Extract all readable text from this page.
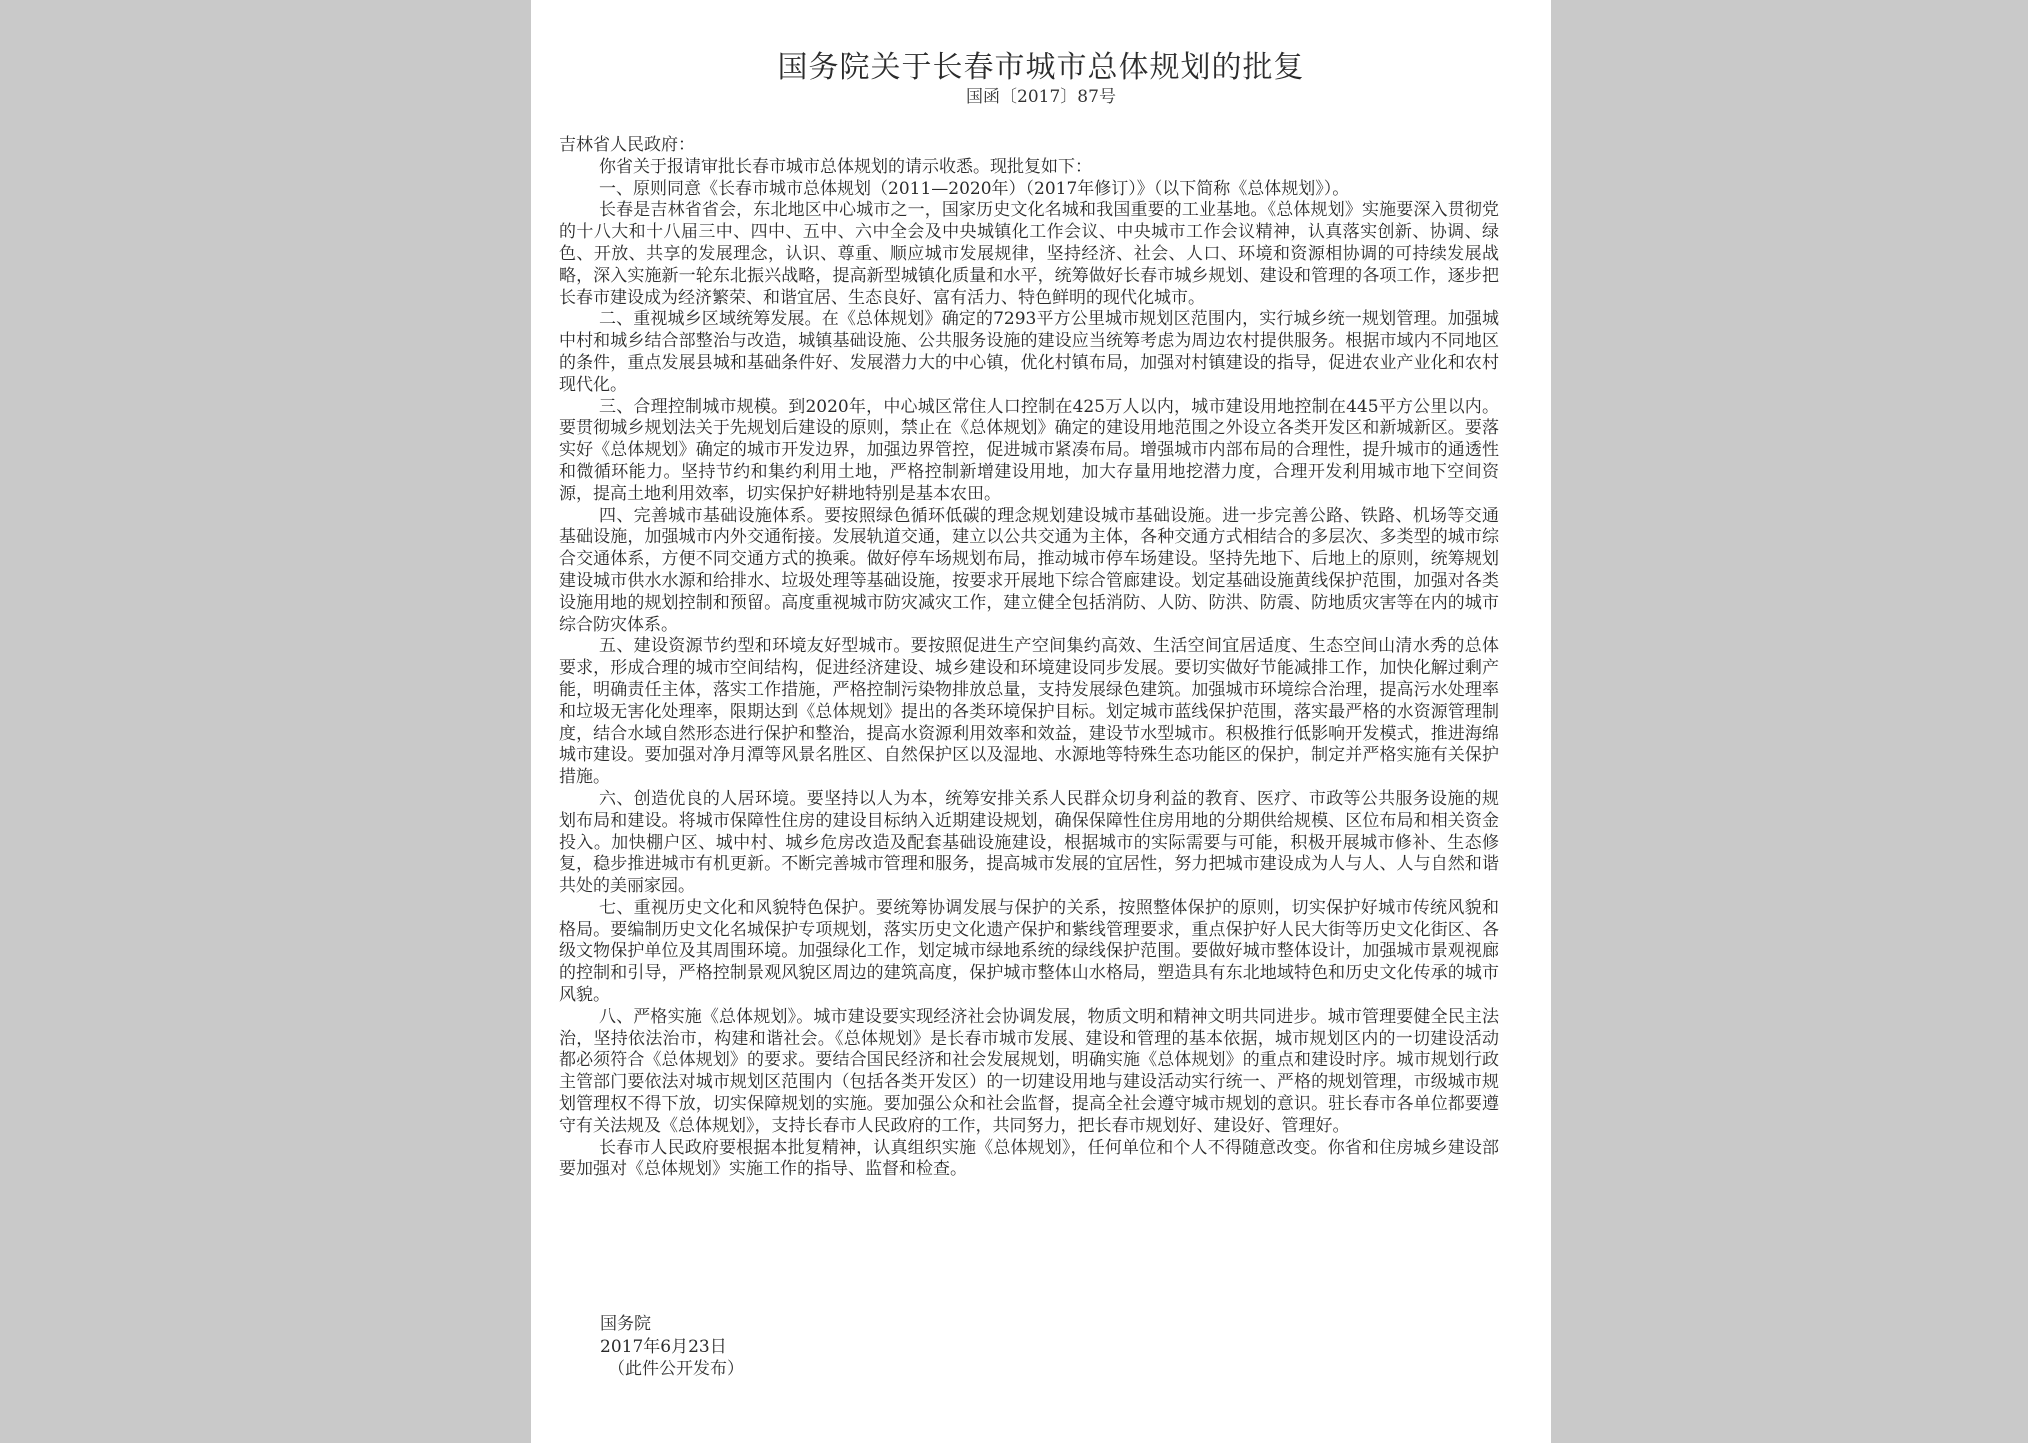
国务院关于长春市城市总体规划的批复
国函〔2017〕87号

吉林省人民政府：

你省关于报请审批长春市城市总体规划的请示收悉。现批复如下：

一、原则同意《长春市城市总体规划（2011—2020年）（2017年修订）》（以下简称《总体规划》）。

长春是吉林省省会，东北地区中心城市之一，国家历史文化名城和我国重要的工业基地。《总体规划》实施要深入贯彻党的十八大和十八届三中、四中、五中、六中全会及中央城镇化工作会议、中央城市工作会议精神，认真落实创新、协调、绿色、开放、共享的发展理念，认识、尊重、顺应城市发展规律，坚持经济、社会、人口、环境和资源相协调的可持续发展战略，深入实施新一轮东北振兴战略，提高新型城镇化质量和水平，统筹做好长春市城乡规划、建设和管理的各项工作，逐步把长春市建设成为经济繁荣、和谐宜居、生态良好、富有活力、特色鲜明的现代化城市。

二、重视城乡区域统筹发展。在《总体规划》确定的7293平方公里城市规划区范围内，实行城乡统一规划管理。加强城中村和城乡结合部整治与改造，城镇基础设施、公共服务设施的建设应当统筹考虑为周边农村提供服务。根据市域内不同地区的条件，重点发展县城和基础条件好、发展潜力大的中心镇，优化村镇布局，加强对村镇建设的指导，促进农业产业化和农村现代化。

三、合理控制城市规模。到2020年，中心城区常住人口控制在425万人以内，城市建设用地控制在445平方公里以内。要贯彻城乡规划法关于先规划后建设的原则，禁止在《总体规划》确定的建设用地范围之外设立各类开发区和新城新区。要落实好《总体规划》确定的城市开发边界，加强边界管控，促进城市紧凑布局。增强城市内部布局的合理性，提升城市的通透性和微循环能力。坚持节约和集约利用土地，严格控制新增建设用地，加大存量用地挖潜力度，合理开发利用城市地下空间资源，提高土地利用效率，切实保护好耕地特别是基本农田。

四、完善城市基础设施体系。要按照绿色循环低碳的理念规划建设城市基础设施。进一步完善公路、铁路、机场等交通基础设施，加强城市内外交通衔接。发展轨道交通，建立以公共交通为主体，各种交通方式相结合的多层次、多类型的城市综合交通体系，方便不同交通方式的换乘。做好停车场规划布局，推动城市停车场建设。坚持先地下、后地上的原则，统筹规划建设城市供水水源和给排水、垃圾处理等基础设施，按要求开展地下综合管廊建设。划定基础设施黄线保护范围，加强对各类设施用地的规划控制和预留。高度重视城市防灾减灾工作，建立健全包括消防、人防、防洪、防震、防地质灾害等在内的城市综合防灾体系。

五、建设资源节约型和环境友好型城市。要按照促进生产空间集约高效、生活空间宜居适度、生态空间山清水秀的总体要求，形成合理的城市空间结构，促进经济建设、城乡建设和环境建设同步发展。要切实做好节能减排工作，加快化解过剩产能，明确责任主体，落实工作措施，严格控制污染物排放总量，支持发展绿色建筑。加强城市环境综合治理，提高污水处理率和垃圾无害化处理率，限期达到《总体规划》提出的各类环境保护目标。划定城市蓝线保护范围，落实最严格的水资源管理制度，结合水域自然形态进行保护和整治，提高水资源利用效率和效益，建设节水型城市。积极推行低影响开发模式，推进海绵城市建设。要加强对净月潭等风景名胜区、自然保护区以及湿地、水源地等特殊生态功能区的保护，制定并严格实施有关保护措施。

六、创造优良的人居环境。要坚持以人为本，统筹安排关系人民群众切身利益的教育、医疗、市政等公共服务设施的规划布局和建设。将城市保障性住房的建设目标纳入近期建设规划，确保保障性住房用地的分期供给规模、区位布局和相关资金投入。加快棚户区、城中村、城乡危房改造及配套基础设施建设，根据城市的实际需要与可能，积极开展城市修补、生态修复，稳步推进城市有机更新。不断完善城市管理和服务，提高城市发展的宜居性，努力把城市建设成为人与人、人与自然和谐共处的美丽家园。

七、重视历史文化和风貌特色保护。要统筹协调发展与保护的关系，按照整体保护的原则，切实保护好城市传统风貌和格局。要编制历史文化名城保护专项规划，落实历史文化遗产保护和紫线管理要求，重点保护好人民大街等历史文化街区、各级文物保护单位及其周围环境。加强绿化工作，划定城市绿地系统的绿线保护范围。要做好城市整体设计，加强城市景观视廊的控制和引导，严格控制景观风貌区周边的建筑高度，保护城市整体山水格局，塑造具有东北地域特色和历史文化传承的城市风貌。

八、严格实施《总体规划》。城市建设要实现经济社会协调发展，物质文明和精神文明共同进步。城市管理要健全民主法治，坚持依法治市，构建和谐社会。《总体规划》是长春市城市发展、建设和管理的基本依据，城市规划区内的一切建设活动都必须符合《总体规划》的要求。要结合国民经济和社会发展规划，明确实施《总体规划》的重点和建设时序。城市规划行政主管部门要依法对城市规划区范围内（包括各类开发区）的一切建设用地与建设活动实行统一、严格的规划管理，市级城市规划管理权不得下放，切实保障规划的实施。要加强公众和社会监督，提高全社会遵守城市规划的意识。驻长春市各单位都要遵守有关法规及《总体规划》，支持长春市人民政府的工作，共同努力，把长春市规划好、建设好、管理好。

长春市人民政府要根据本批复精神，认真组织实施《总体规划》，任何单位和个人不得随意改变。你省和住房城乡建设部要加强对《总体规划》实施工作的指导、监督和检查。

国务院
2017年6月23日
（此件公开发布）
